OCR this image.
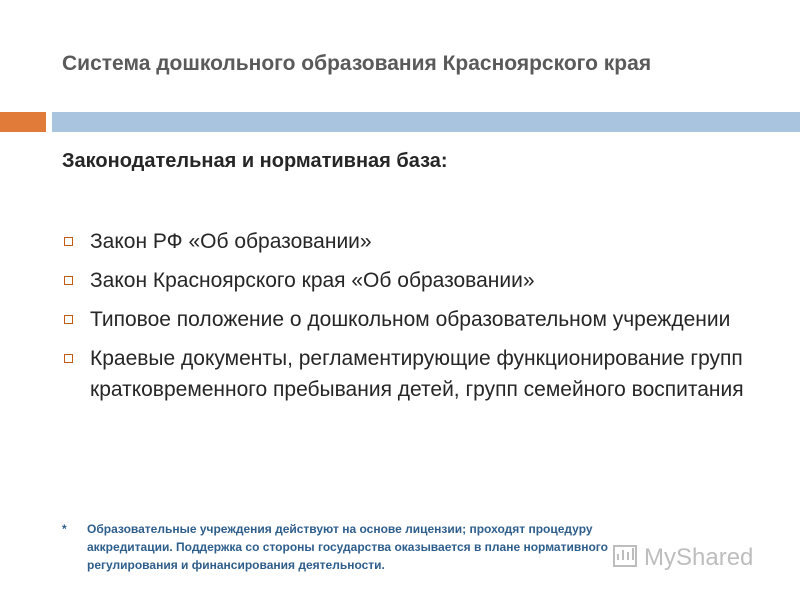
Система дошкольного образования Красноярского края
Законодательная и нормативная база:
Закон РФ «Об образовании»
Закон Красноярского края «Об образовании»
Типовое положение о дошкольном образовательном учреждении
Краевые документы, регламентирующие функционирование групп кратковременного пребывания детей, групп семейного воспитания
* Образовательные учреждения действуют на основе лицензии; проходят процедуру
аккредитации. Поддержка со стороны государства оказывается в плане нормативного
регулирования и финансирования деятельности.	MyShared
